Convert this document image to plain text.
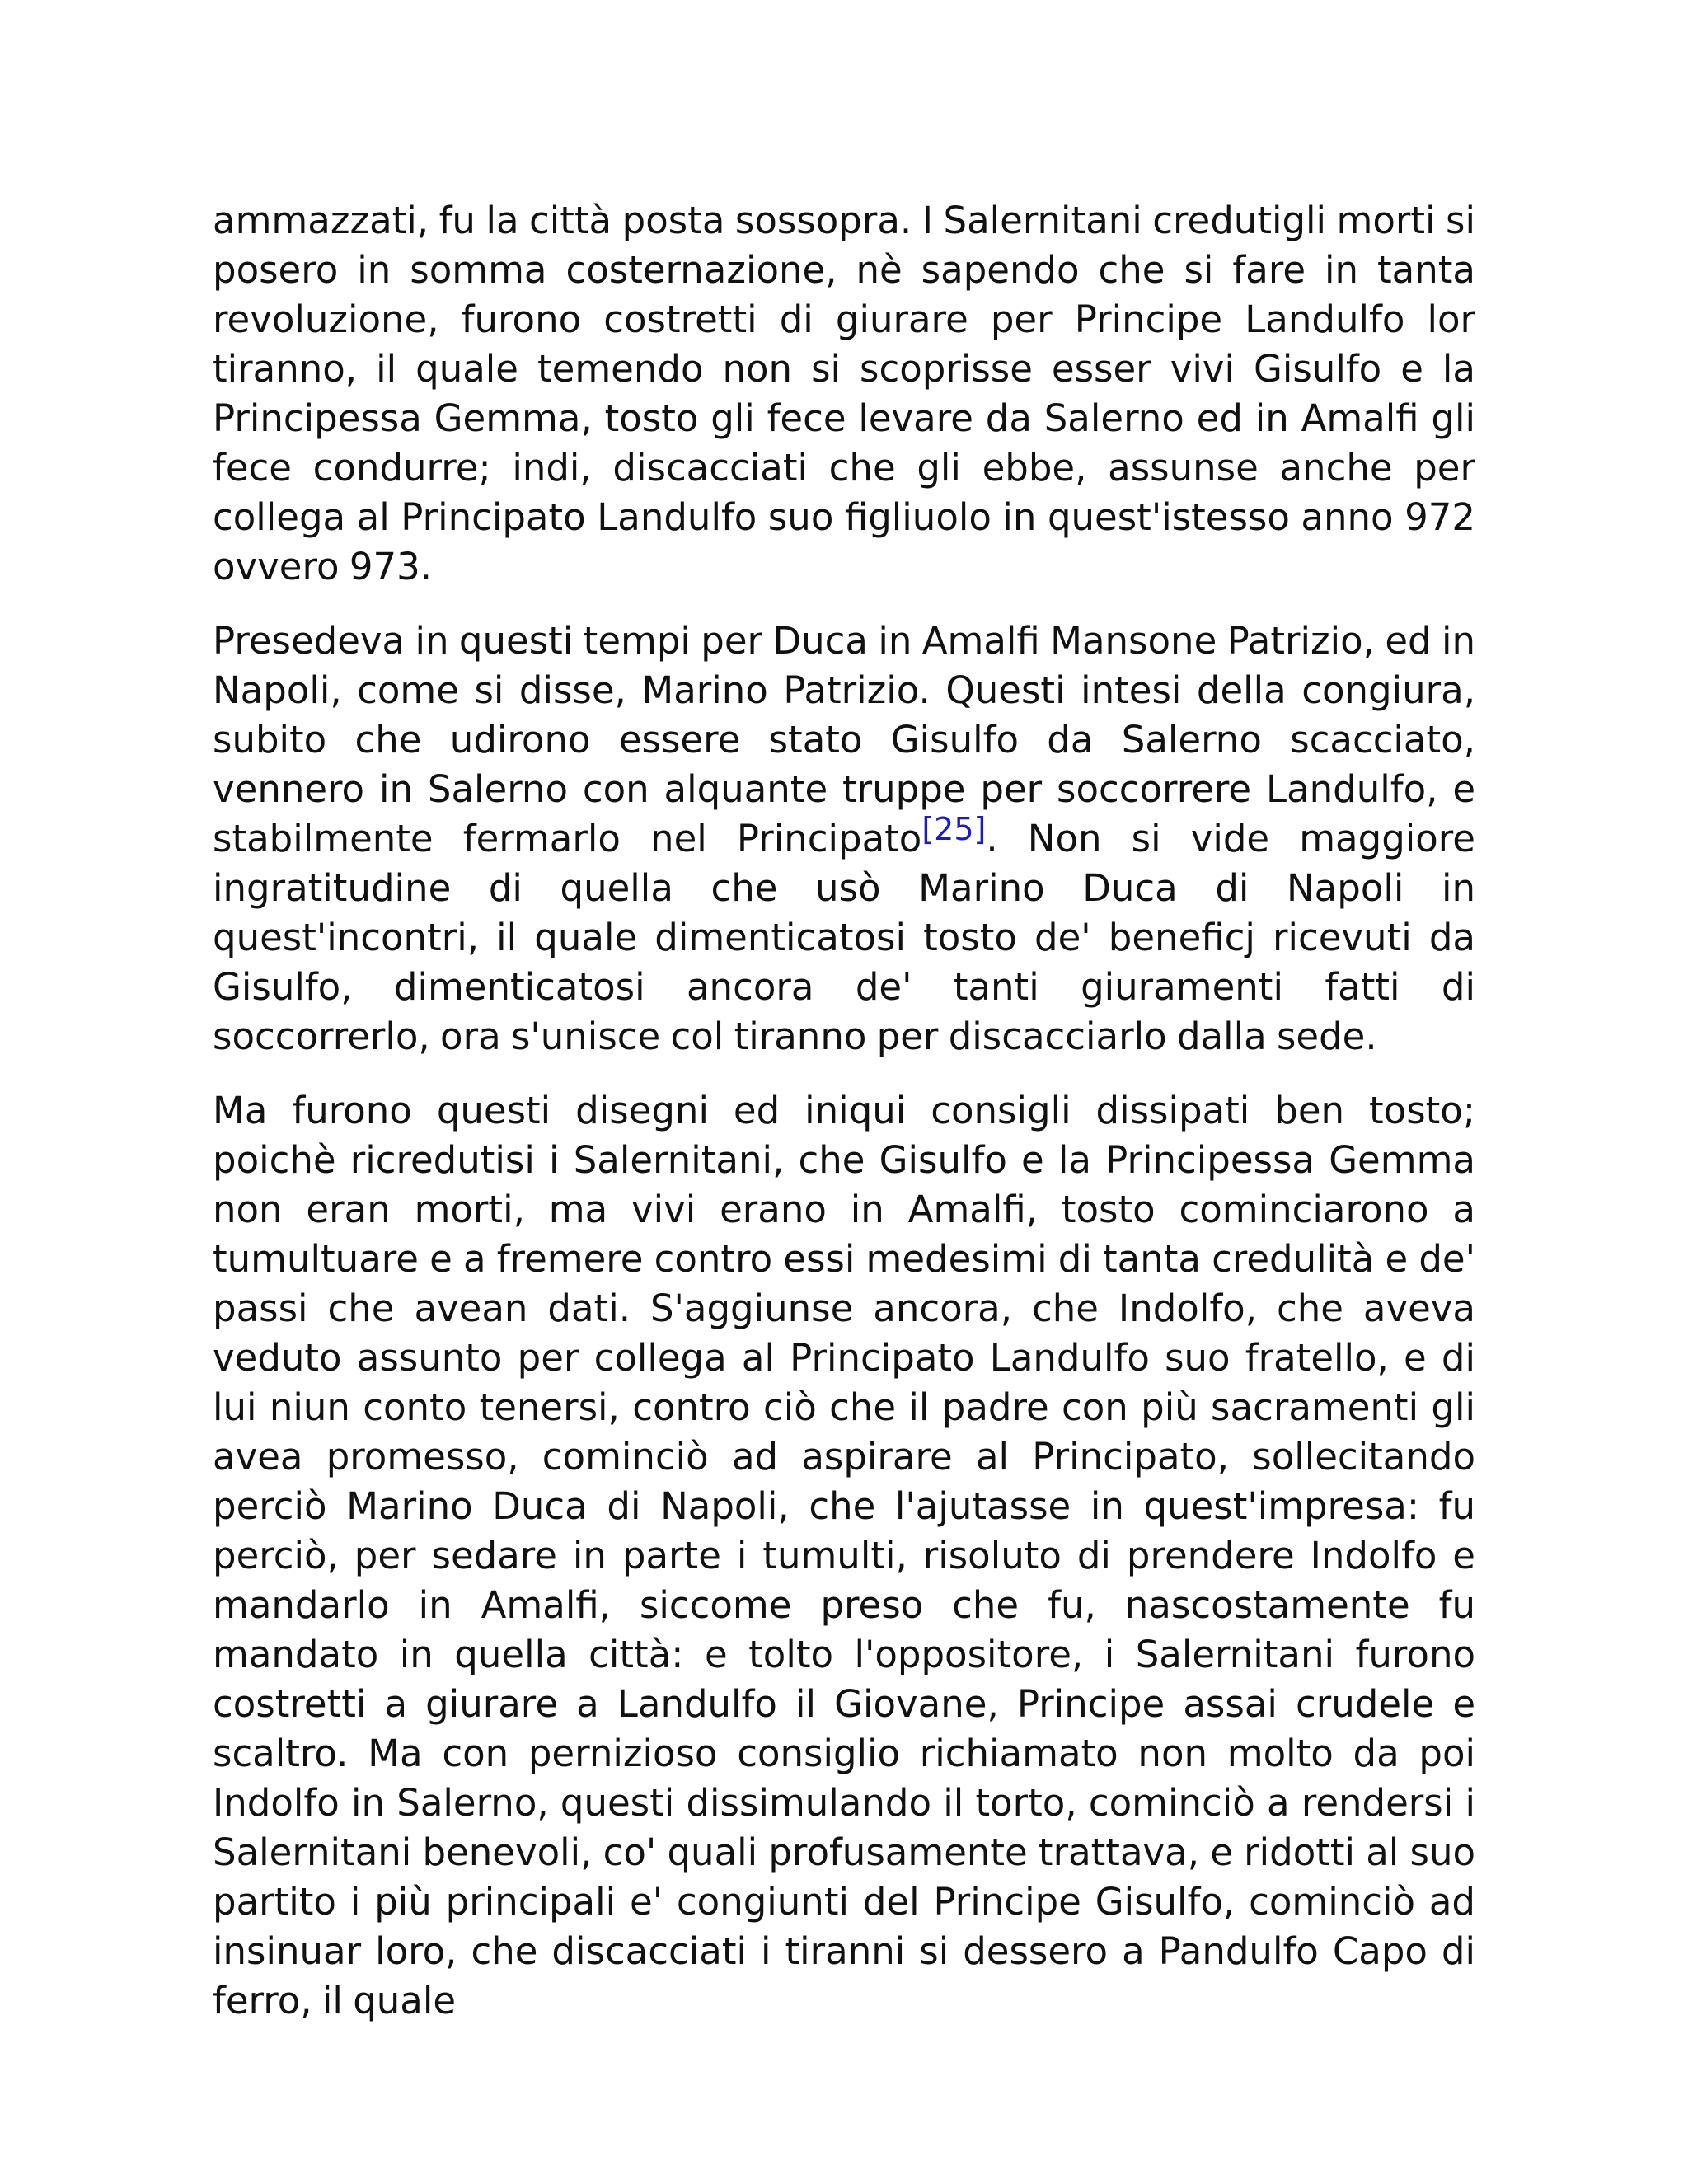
ammazzati, fu la città posta sossopra. I Salernitani credutigli morti si posero in somma costernazione, nè sapendo che si fare in tanta revoluzione, furono costretti di giurare per Principe Landulfo lor tiranno, il quale temendo non si scoprisse esser vivi Gisulfo e la Principessa Gemma, tosto gli fece levare da Salerno ed in Amalfi gli fece condurre; indi, discacciati che gli ebbe, assunse anche per collega al Principato Landulfo suo figliuolo in quest'istesso anno 972 ovvero 973.

Presedeva in questi tempi per Duca in Amalfi Mansone Patrizio, ed in Napoli, come si disse, Marino Patrizio. Questi intesi della congiura, subito che udirono essere stato Gisulfo da Salerno scacciato, vennero in Salerno con alquante truppe per soccorrere Landulfo, e stabilmente fermarlo nel Principato[25]. Non si vide maggiore ingratitudine di quella che usò Marino Duca di Napoli in quest'incontri, il quale dimenticatosi tosto de' beneficj ricevuti da Gisulfo, dimenticatosi ancora de' tanti giuramenti fatti di soccorrerlo, ora s'unisce col tiranno per discacciarlo dalla sede.

Ma furono questi disegni ed iniqui consigli dissipati ben tosto; poichè ricredutisi i Salernitani, che Gisulfo e la Principessa Gemma non eran morti, ma vivi erano in Amalfi, tosto cominciarono a tumultuare e a fremere contro essi medesimi di tanta credulità e de' passi che avean dati. S'aggiunse ancora, che Indolfo, che aveva veduto assunto per collega al Principato Landulfo suo fratello, e di lui niun conto tenersi, contro ciò che il padre con più sacramenti gli avea promesso, cominciò ad aspirare al Principato, sollecitando perciò Marino Duca di Napoli, che l'ajutasse in quest'impresa: fu perciò, per sedare in parte i tumulti, risoluto di prendere Indolfo e mandarlo in Amalfi, siccome preso che fu, nascostamente fu mandato in quella città: e tolto l'oppositore, i Salernitani furono costretti a giurare a Landulfo il Giovane, Principe assai crudele e scaltro. Ma con pernizioso consiglio richiamato non molto da poi Indolfo in Salerno, questi dissimulando il torto, cominciò a rendersi i Salernitani benevoli, co' quali profusamente trattava, e ridotti al suo partito i più principali e' congiunti del Principe Gisulfo, cominciò ad insinuar loro, che discacciati i tiranni si dessero a Pandulfo Capo di ferro, il quale
